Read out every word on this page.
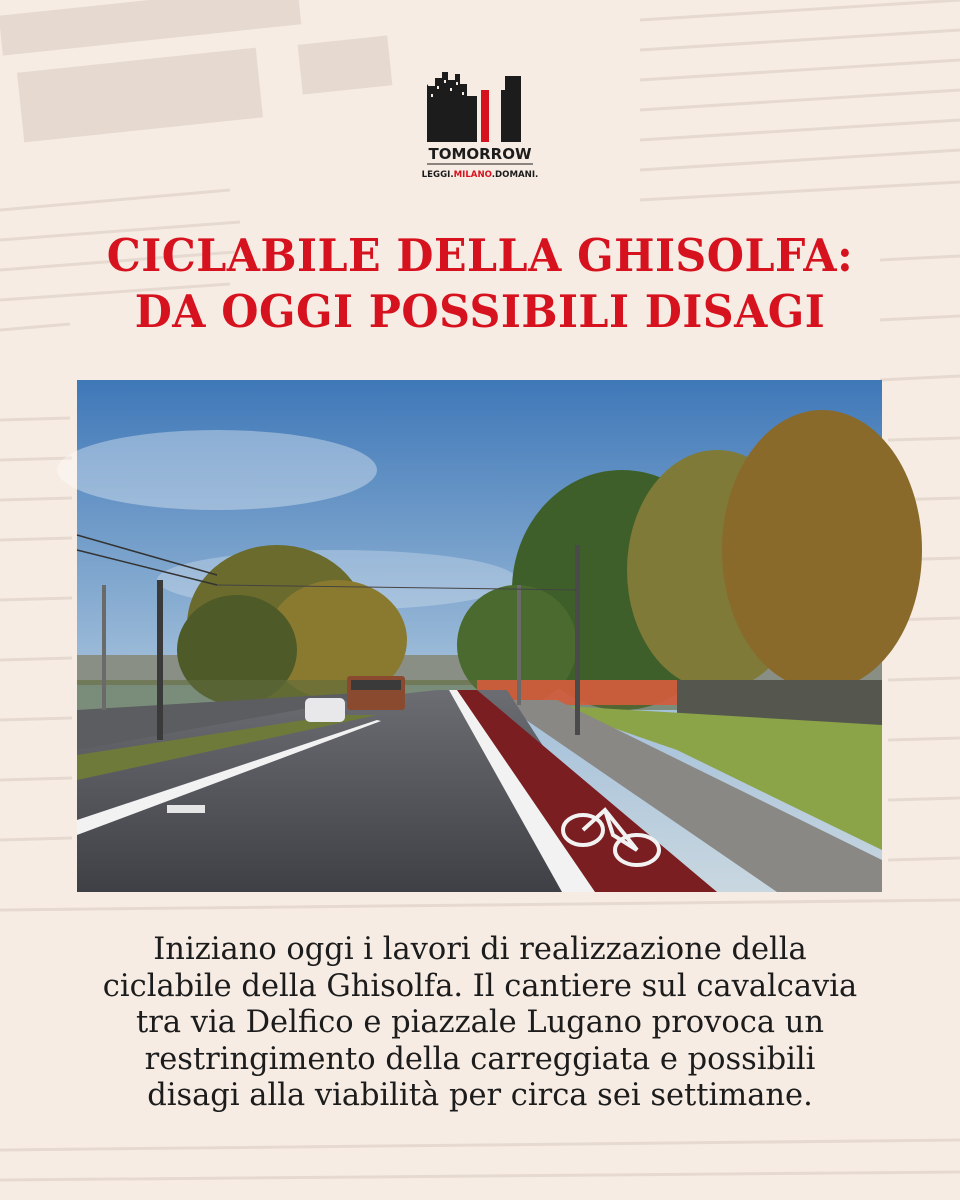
TOMORROW
LEGGI.MILANO.DOMANI.
CICLABILE DELLA GHISOLFA:
DA OGGI POSSIBILI DISAGI
Iniziano oggi i lavori di realizzazione della
ciclabile della Ghisolfa. Il cantiere sul cavalcavia
tra via Delfico e piazzale Lugano provoca un
restringimento della carreggiata e possibili
disagi alla viabilità per circa sei settimane.
